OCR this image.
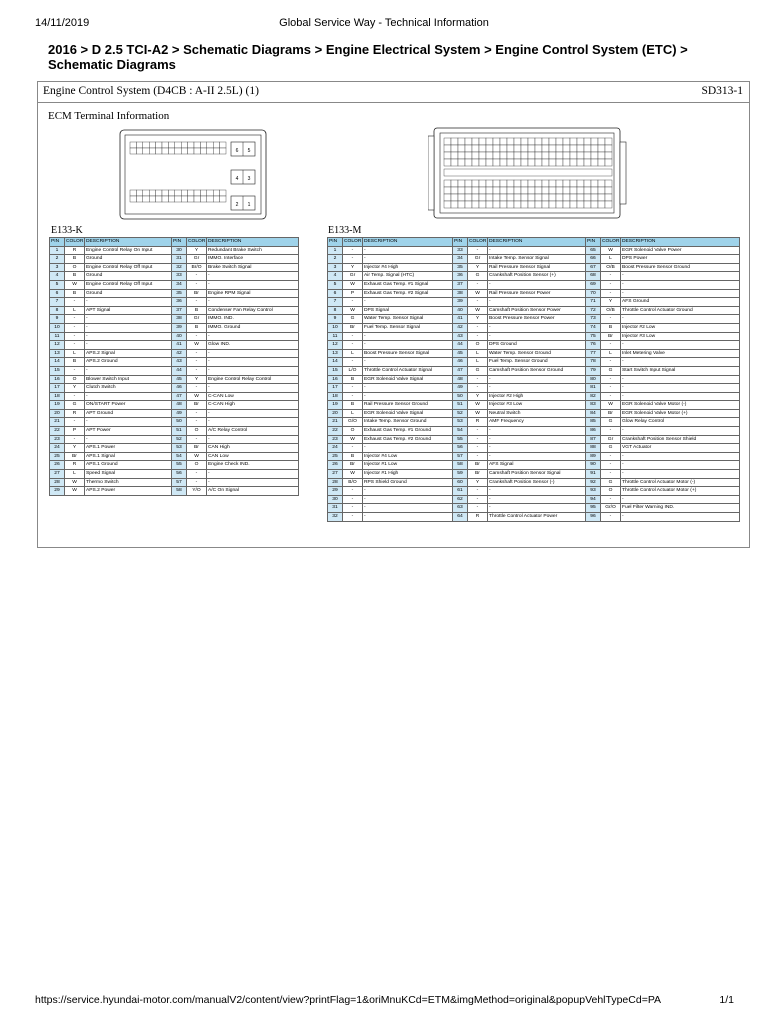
14/11/2019	Global Service Way - Technical Information
2016 > D 2.5 TCI-A2 > Schematic Diagrams > Engine Electrical System > Engine Control System (ETC) > Schematic Diagrams
Engine Control System (D4CB : A-II 2.5L) (1)	SD313-1
ECM Terminal Information
6 5
4 3
2 1
E133-K	E133-M
PIN	COLOR	DESCRIPTION	PIN	COLOR	DESCRIPTION
1	R	Engine Control Relay On Input	30	Y	Redundant Brake Switch
2	B	Ground	31	Gr	IMMO. Interface
3	O	Engine Control Relay Off Input	32	Br/O	Brake Switch Signal
4	B	Ground	33	-	-
5	W	Engine Control Relay Off Input	34	-	-
6	B	Ground	35	Br	Engine RPM Signal
7	-	-	36	-	-
8	L	APT Signal	37	B	Condenser Fan Relay Control
9	-	-	38	Gr	IMMO. IND.
10	-	-	39	B	IMMO. Ground
11	-	-	40	-	-
12	-	-	41	W	Glow IND.
13	L	APS.2 Signal	42	-	-
14	B	APS.2 Ground	43	-	-
15	-	-	44	-	-
16	O	Blower Switch Input	45	Y	Engine Control Relay Control
17	Y	Clutch Switch	46	-	-
18	-	-	47	W	C-CAN Low
19	G	ON/START Power	48	Br	C-CAN High
20	R	APT Ground	49	-	-
21	-	-	50	-	-
22	P	APT Power	51	O	A/C Relay Control
23	-	-	52	-	-
24	Y	APS.1 Power	53	Br	CAN High
25	Br	APS.1 Signal	54	W	CAN Low
26	R	APS.1 Ground	55	O	Engine Check IND.
27	L	Speed Signal	56	-	-
28	W	Thermo Switch	57	-	-
29	W	APS.2 Power	58	Y/O	A/C On Signal
PIN	COLOR	DESCRIPTION	PIN	COLOR	DESCRIPTION	PIN	COLOR	DESCRIPTION
1	-	-	33	-	-	65	W	EGR Solenoid Valve Power
2	-	-	34	Gr	Intake Temp. Sensor Signal	66	L	DPS Power
3	Y	Injector #4 High	35	Y	Rail Pressure Sensor Signal	67	O/B	Boost Pressure Sensor Ground
4	Gr	Air Temp. Signal (HTC)	36	G	Crankshaft Position Sensor (+)	68	-	-
5	W	Exhaust Gas Temp. #1 Signal	37	-	-	69	-	-
6	P	Exhaust Gas Temp. #2 Signal	38	W	Rail Pressure Sensor Power	70	-	-
7	-	-	39	-	-	71	Y	AFS Ground
8	W	DPS Signal	40	W	Camshaft Position Sensor Power	72	O/B	Throttle Control Actuator Ground
9	G	Water Temp. Sensor Signal	41	Y	Boost Pressure Sensor Power	73	-	-
10	Br	Fuel Temp. Sensor Signal	42	-	-	74	B	Injector #2 Low
11	-	-	43	-	-	75	Br	Injector #3 Low
12	-	-	44	O	DPS Ground	76	-	-
13	L	Boost Pressure Sensor Signal	45	L	Water Temp. Sensor Ground	77	L	Inlet Metering Valve
14	-	-	46	L	Fuel Temp. Sensor Ground	78	-	-
15	L/O	Throttle Control Actuator Signal	47	G	Camshaft Position Sensor Ground	79	G	Start Switch Input Signal
16	B	EGR Solenoid Valve Signal	48	-	-	80	-	-
17	-	-	49	-	-	81	-	-
18	-	-	50	Y	Injector #2 High	82	-	-
19	B	Rail Pressure Sensor Ground	51	W	Injector #3 Low	83	W	EGR Solenoid Valve Motor (-)
20	L	EGR Solenoid Valve Signal	52	W	Neutral Switch	84	Br	EGR Solenoid Valve Motor (+)
21	G/O	Intake Temp. Sensor Ground	53	R	AMF Frequency	85	G	Glow Relay Control
22	O	Exhaust Gas Temp. #1 Ground	54	-	-	86	-	-
23	W	Exhaust Gas Temp. #2 Ground	55	-	-	87	Gr	Crankshaft Position Sensor Shield
24	-	-	56	-	-	88	G	VGT Actuator
25	B	Injector #4 Low	57	-	-	89	-	-
26	Br	Injector #1 Low	58	Br	AFS Signal	90	-	-
27	W	Injector #1 High	59	Br	Camshaft Position Sensor Signal	91	-	-
28	B/O	RPS Shield Ground	60	Y	Crankshaft Position Sensor (-)	92	G	Throttle Control Actuator Motor (-)
29	-	-	61	-	-	93	O	Throttle Control Actuator Motor (+)
30	-	-	62	-	-	94	-	-
31	-	-	63	-	-	95	Gr/O	Fuel Filter Warning IND.
32	-	-	64	R	Throttle Control Actuator Power	96	-	-
https://service.hyundai-motor.com/manualV2/content/view?printFlag=1&oriMnuKCd=ETM&imgMethod=original&popupVehlTypeCd=PA	1/1
